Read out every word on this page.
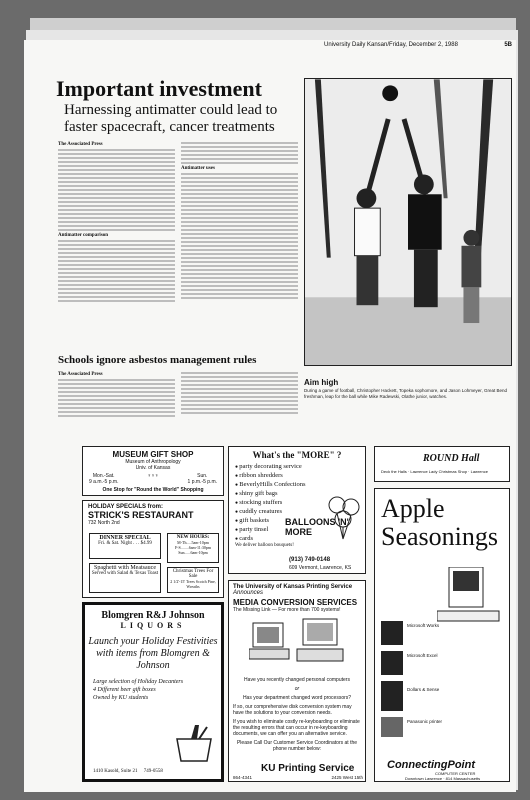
University Daily Kansan/Friday, December 2, 1988	5B
Important investment
Harnessing antimatter could lead to faster spacecraft, cancer treatments
The Associated Press
Antimatter comparison
Antimatter uses
Aim high
During a game of football, Christopher Hackett, Topeka sophomore, and Jason Lohmeyer, Great Bend freshman, leap for the ball while Mike Radewski, Olathe junior, watches.
Schools ignore asbestos management rules
The Associated Press
MUSEUM GIFT SHOP
Museum of Anthropology
Univ. of Kansas
Mon.-Sat.
9 a.m.-5 p.m.
♆♆♆	Sun.
1 p.m.-5 p.m.
One Stop for "Round the World" Shopping
What's the "MORE" ?
● party decorating service
● ribbon shredders
● BeverlyHills Confections
● shiny gift bags
● stocking stuffers
● cuddly creatures
● gift baskets
● party tinsel
● cards
BALLOONS 'N' MORE
We deliver balloon bouquets!
(913) 749-0148
609 Vermont, Lawrence, KS
ROUND Hall
Deck the Halls · Lawrence Lady Christmas Shop · Lawrence
HOLIDAY SPECIALS from:
STRICK'S RESTAURANT
732 North 2nd
DINNER SPECIAL
Fri. & Sat. Night . . . $4.99
Spaghetti with Meatsauce
Served with Salad & Texas Toast
NEW HOURS:
M-Th.....5am-10pm
F-S........6am-11:30pm
Sun......6am-10pm
Christmas Trees For Sale
2 1/2'-15' Trees Scotch Pine, Wreaths
Blomgren R&J Johnson
LIQUORS
Launch your Holiday Festivities with items from Blomgren & Johnson
Large selection of Holiday Decanters
4 Different beer gift boxes
Owned by KU students
1410 Kasold, Suite 21 749-0558
The University of Kansas Printing Service
Announces
MEDIA CONVERSION SERVICES
The Missing Link — For more than 700 systems!

Have you recently changed personal computers

or

Has your department changed word processors?

If so, our comprehensive disk conversion system may have the solutions to your conversion needs.

If you wish to eliminate costly re-keyboarding or eliminate the resulting errors that can occur in re-keyboarding documents, we can offer you an alternative service.

Please Call Our Customer Service Coordinators at the phone number below:

KU Printing Service
864-4341	2425 West 15th
Apple Seasonings
Microsoft Works
Microsoft Excel
Dollars & Sense
Panasonic printer
ConnectingPoint
COMPUTER CENTER
Downtown Lawrence · 814 Massachusetts
